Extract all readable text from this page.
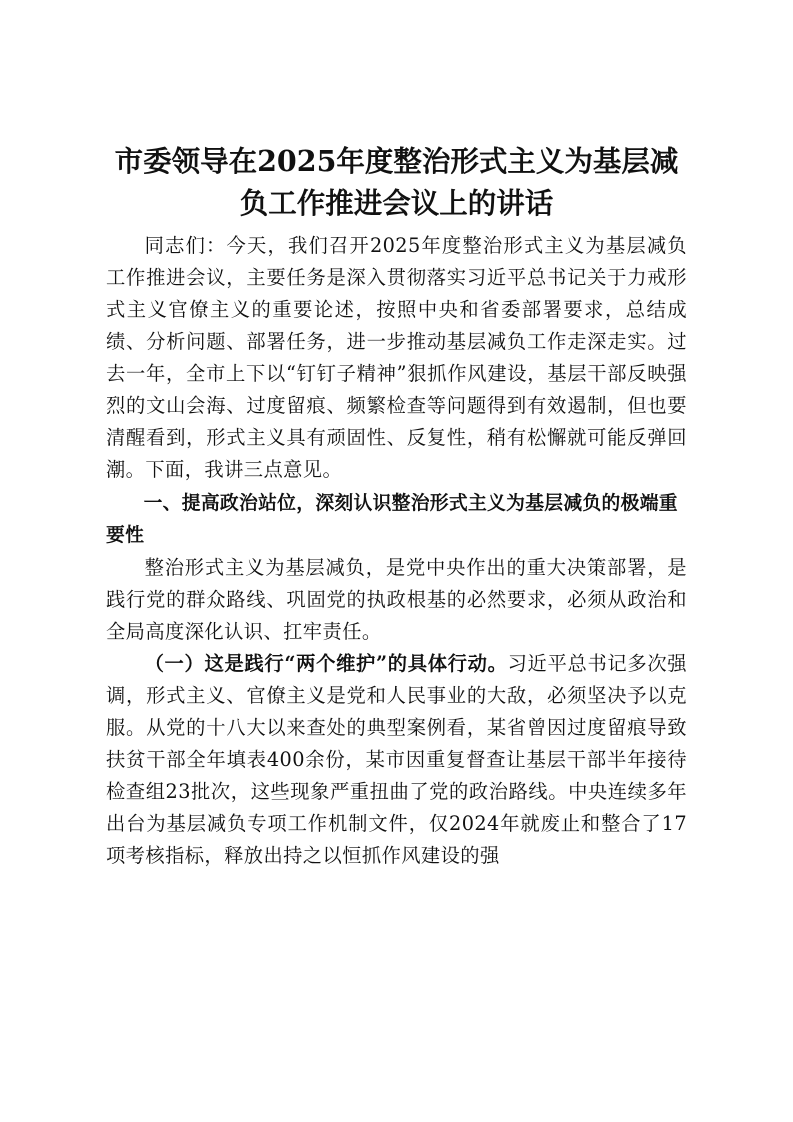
市委领导在2025年度整治形式主义为基层减
负工作推进会议上的讲话

同志们：今天，我们召开2025年度整治形式主义为基层减负工作推进会议，主要任务是深入贯彻落实习近平总书记关于力戒形式主义官僚主义的重要论述，按照中央和省委部署要求，总结成绩、分析问题、部署任务，进一步推动基层减负工作走深走实。过去一年，全市上下以“钉钉子精神”狠抓作风建设，基层干部反映强烈的文山会海、过度留痕、频繁检查等问题得到有效遏制，但也要清醒看到，形式主义具有顽固性、反复性，稍有松懈就可能反弹回潮。下面，我讲三点意见。

一、提高政治站位，深刻认识整治形式主义为基层减负的极端重要性

整治形式主义为基层减负，是党中央作出的重大决策部署，是践行党的群众路线、巩固党的执政根基的必然要求，必须从政治和全局高度深化认识、扛牢责任。

（一）这是践行“两个维护”的具体行动。习近平总书记多次强调，形式主义、官僚主义是党和人民事业的大敌，必须坚决予以克服。从党的十八大以来查处的典型案例看，某省曾因过度留痕导致扶贫干部全年填表400余份，某市因重复督查让基层干部半年接待检查组23批次，这些现象严重扭曲了党的政治路线。中央连续多年出台为基层减负专项工作机制文件，仅2024年就废止和整合了17项考核指标，释放出持之以恒抓作风建设的强
